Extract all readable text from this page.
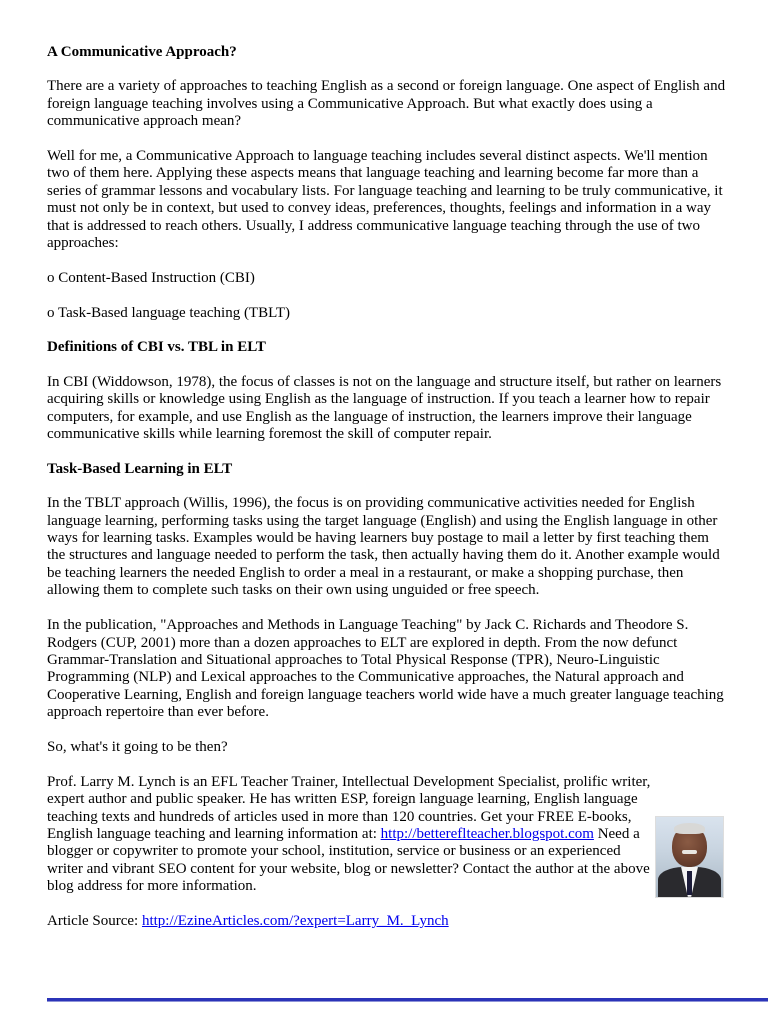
A Communicative Approach?

There are a variety of approaches to teaching English as a second or foreign language. One aspect of English and foreign language teaching involves using a Communicative Approach. But what exactly does using a communicative approach mean?

Well for me, a Communicative Approach to language teaching includes several distinct aspects. We'll mention two of them here. Applying these aspects means that language teaching and learning become far more than a series of grammar lessons and vocabulary lists. For language teaching and learning to be truly communicative, it must not only be in context, but used to convey ideas, preferences, thoughts, feelings and information in a way that is addressed to reach others. Usually, I address communicative language teaching through the use of two approaches:

o Content-Based Instruction (CBI)

o Task-Based language teaching (TBLT)

Definitions of CBI vs. TBL in ELT

In CBI (Widdowson, 1978), the focus of classes is not on the language and structure itself, but rather on learners acquiring skills or knowledge using English as the language of instruction. If you teach a learner how to repair computers, for example, and use English as the language of instruction, the learners improve their language communicative skills while learning foremost the skill of computer repair.

Task-Based Learning in ELT

In the TBLT approach (Willis, 1996), the focus is on providing communicative activities needed for English language learning, performing tasks using the target language (English) and using the English language in other ways for learning tasks. Examples would be having learners buy postage to mail a letter by first teaching them the structures and language needed to perform the task, then actually having them do it. Another example would be teaching learners the needed English to order a meal in a restaurant, or make a shopping purchase, then allowing them to complete such tasks on their own using unguided or free speech.

In the publication, "Approaches and Methods in Language Teaching" by Jack C. Richards and Theodore S. Rodgers (CUP, 2001) more than a dozen approaches to ELT are explored in depth. From the now defunct Grammar-Translation and Situational approaches to Total Physical Response (TPR), Neuro-Linguistic Programming (NLP) and Lexical approaches to the Communicative approaches, the Natural approach and Cooperative Learning, English and foreign language teachers world wide have a much greater language teaching approach repertoire than ever before.

So, what's it going to be then?

Prof. Larry M. Lynch is an EFL Teacher Trainer, Intellectual Development Specialist, prolific writer, expert author and public speaker. He has written ESP, foreign language learning, English language teaching texts and hundreds of articles used in more than 120 countries. Get your FREE E-books, English language teaching and learning information at: http://bettereflteacher.blogspot.com Need a blogger or copywriter to promote your school, institution, service or business or an experienced writer and vibrant SEO content for your website, blog or newsletter? Contact the author at the above blog address for more information.

Article Source: http://EzineArticles.com/?expert=Larry_M._Lynch
